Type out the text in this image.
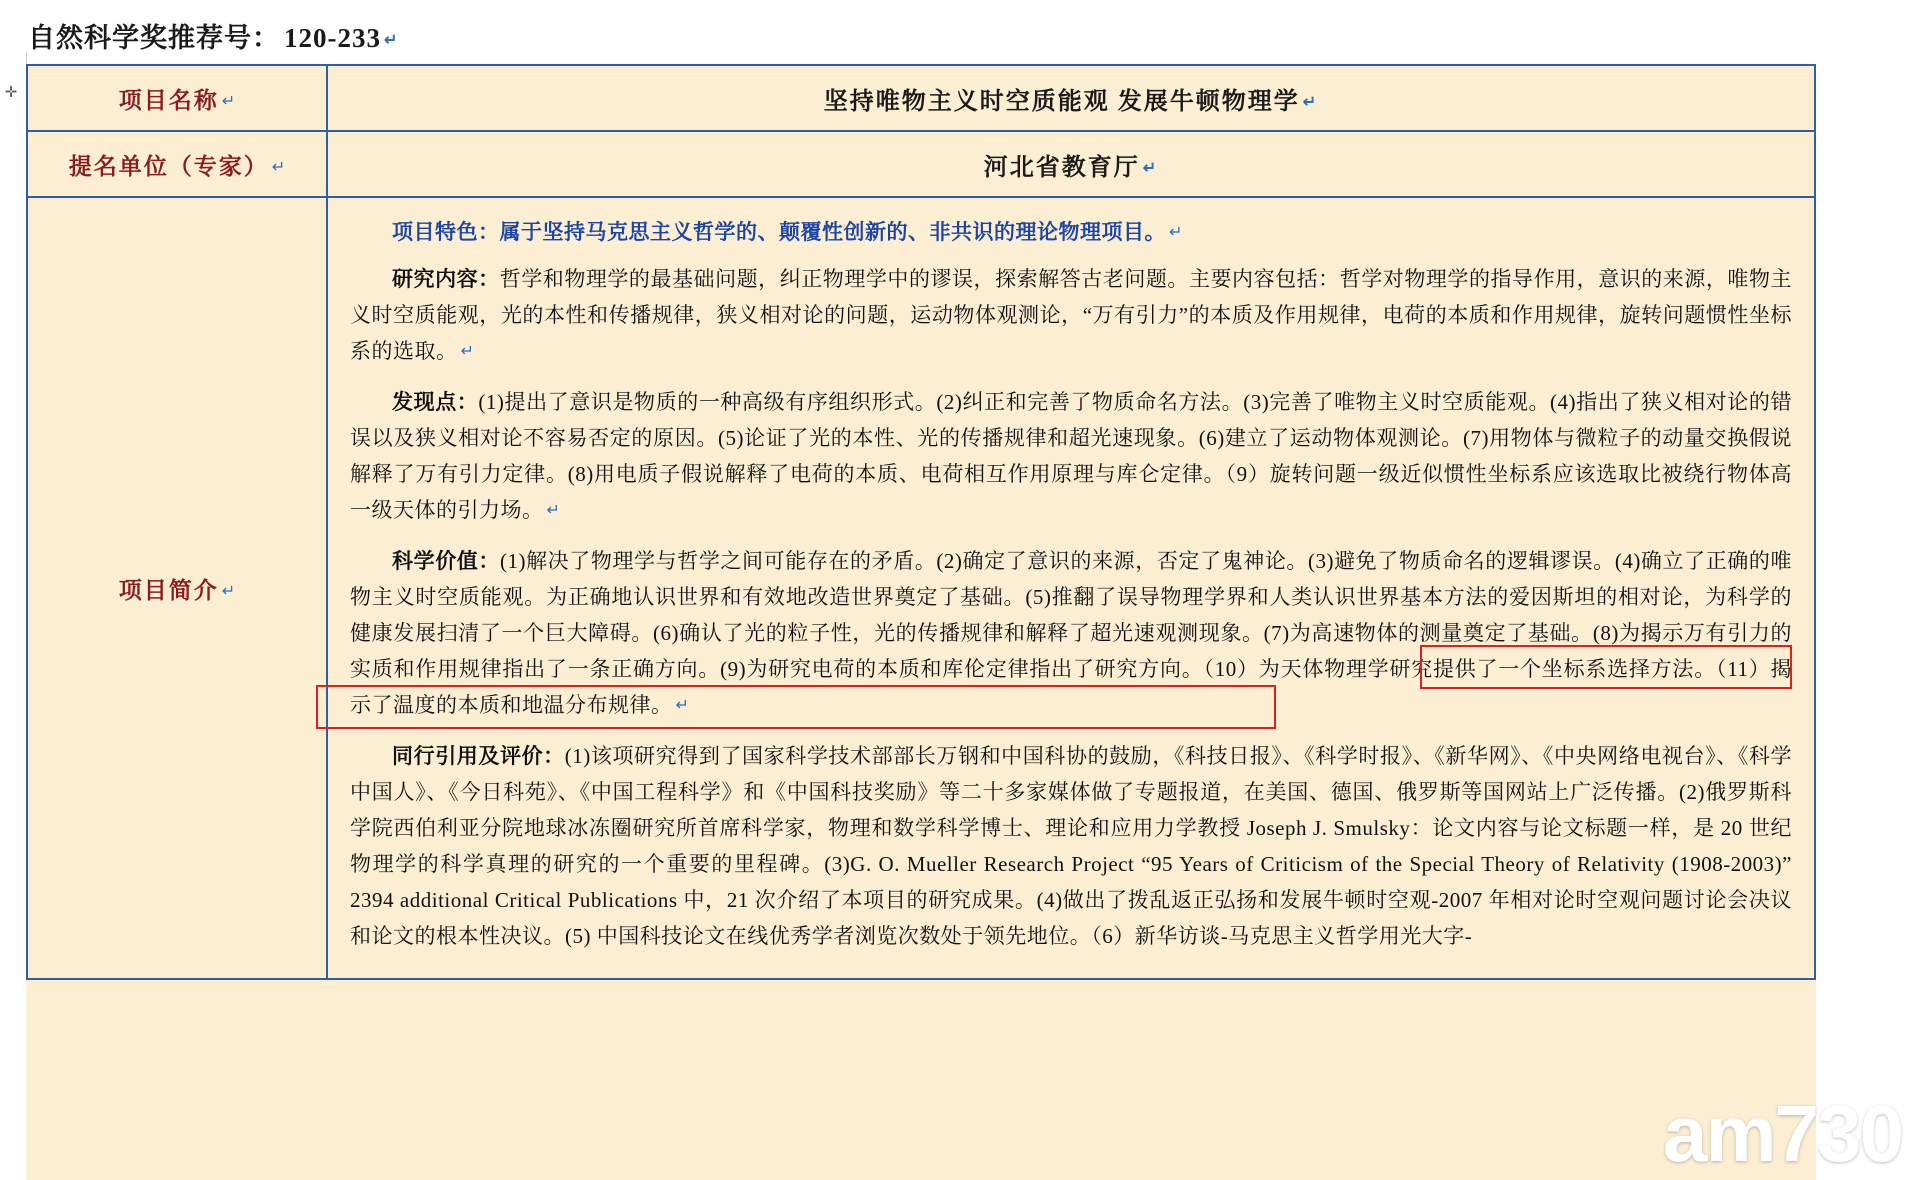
自然科学奖推荐号： 120-233 ↵
✛	项目名称 ↵	坚持唯物主义时空质能观 发展牛顿物理学 ↵
提名单位（专家） ↵	河北省教育厅 ↵
项目简介 ↵	项目特色：属于坚持马克思主义哲学的、颠覆性创新的、非共识的理论物理项目。 ↵

研究内容：哲学和物理学的最基础问题，纠正物理学中的谬误，探索解答古老问题。主要内容包括：哲学对物理学的指导作用，意识的来源，唯物主义时空质能观，光的本性和传播规律，狭义相对论的问题，运动物体观测论，“万有引力”的本质及作用规律，电荷的本质和作用规律，旋转问题惯性坐标系的选取。 ↵

发现点：(1)提出了意识是物质的一种高级有序组织形式。(2)纠正和完善了物质命名方法。(3)完善了唯物主义时空质能观。(4)指出了狭义相对论的错误以及狭义相对论不容易否定的原因。(5)论证了光的本性、光的传播规律和超光速现象。(6)建立了运动物体观测论。(7)用物体与微粒子的动量交换假说解释了万有引力定律。(8)用电质子假说解释了电荷的本质、电荷相互作用原理与库仑定律。（9）旋转问题一级近似惯性坐标系应该选取比被绕行物体高一级天体的引力场。 ↵

科学价值：(1)解决了物理学与哲学之间可能存在的矛盾。(2)确定了意识的来源，否定了鬼神论。(3)避免了物质命名的逻辑谬误。(4)确立了正确的唯物主义时空质能观。为正确地认识世界和有效地改造世界奠定了基础。(5)推翻了误导物理学界和人类认识世界基本方法的爱因斯坦的相对论，为科学的健康发展扫清了一个巨大障碍。(6)确认了光的粒子性，光的传播规律和解释了超光速观测现象。(7)为高速物体的测量奠定了基础。(8)为揭示万有引力的实质和作用规律指出了一条正确方向。(9)为研究电荷的本质和库伦定律指出了研究方向。（10）为天体物理学研究提供了一个坐标系选择方法。（11）揭示了温度的本质和地温分布规律。 ↵

同行引用及评价：(1)该项研究得到了国家科学技术部部长万钢和中国科协的鼓励，《科技日报》、《科学时报》、《新华网》、《中央网络电视台》、《科学中国人》、《今日科苑》、《中国工程科学》和《中国科技奖励》等二十多家媒体做了专题报道，在美国、德国、俄罗斯等国网站上广泛传播。(2)俄罗斯科学院西伯利亚分院地球冰冻圈研究所首席科学家，物理和数学科学博士、理论和应用力学教授 Joseph J. Smulsky：论文内容与论文标题一样，是 20 世纪物理学的科学真理的研究的一个重要的里程碑。(3)G. O. Mueller Research Project “95 Years of Criticism of the Special Theory of Relativity (1908-2003)” 2394 additional Critical Publications 中，21 次介绍了本项目的研究成果。(4)做出了拨乱返正弘扬和发展牛顿时空观-2007 年相对论时空观问题讨论会决议和论文的根本性决议。(5) 中国科技论文在线优秀学者浏览次数处于领先地位。（6）新华访谈-马克思主义哲学用光大字-

am730
